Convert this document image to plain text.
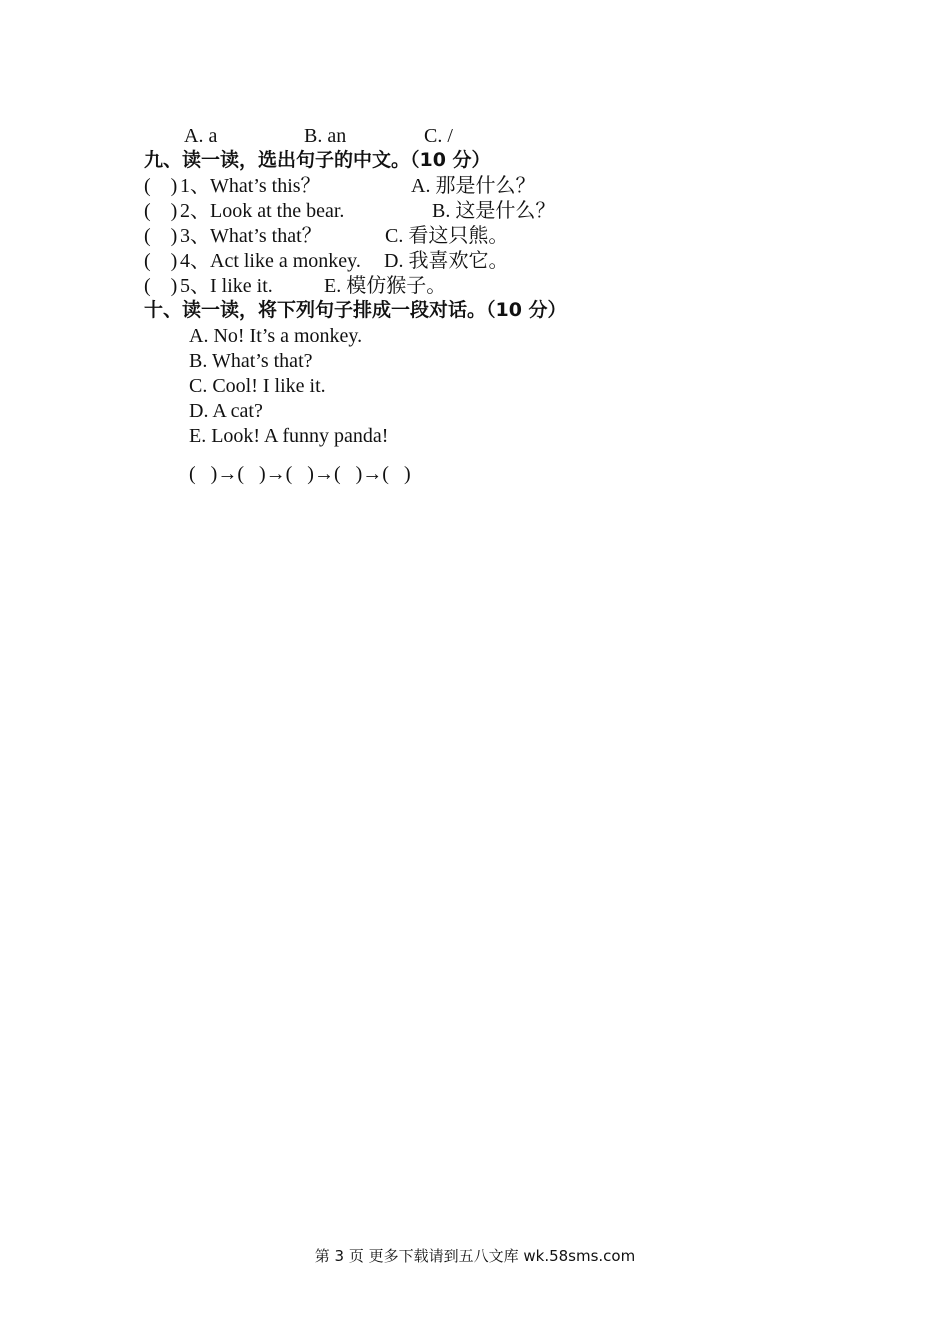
A. a	B. an	C. /
九、读一读，选出句子的中文。（10 分）
(    ) 1、What’s this？	A. 那是什么？
(    ) 2、Look at the bear.	B. 这是什么？
(    ) 3、What’s that？	C. 看这只熊。
(    ) 4、Act like a monkey. D. 我喜欢它。
(    ) 5、I like it.	E. 模仿猴子。
十、读一读，将下列句子排成一段对话。（10 分）
A. No! It’s a monkey.
B. What’s that?
C. Cool! I like it.
D. A cat?
E. Look! A funny panda!
(   )→(   )→(   )→(   )→(   )
第 3 页 更多下载请到五八文库 wk.58sms.com
